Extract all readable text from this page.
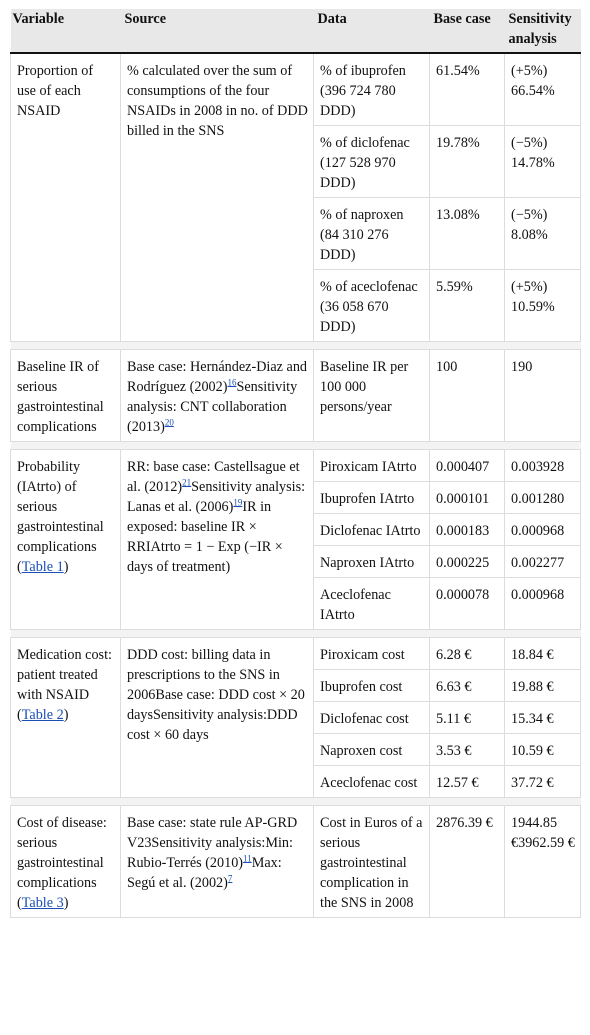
Variable	Source	Data	Base case	Sensitivity analysis
Proportion of use of each NSAID	% calculated over the sum of consumptions of the four NSAIDs in 2008 in no. of DDD billed in the SNS	% of ibuprofen (396 724 780 DDD)	61.54%	(+5%) 66.54%
		% of diclofenac (127 528 970 DDD)	19.78%	(−5%) 14.78%
		% of naproxen (84 310 276 DDD)	13.08%	(−5%) 8.08%
		% of aceclofenac (36 058 670 DDD)	5.59%	(+5%) 10.59%

Baseline IR of serious gastrointestinal complications	Base case: Hernández-Diaz and Rodríguez $(2002)^{16}Sensitivity$ analysis: CNT collaboration $(2013)^{20}$	Baseline IR per 100 000 persons/year	100	190

Probability (IAtrto) of serious gastrointestinal complications (Table 1)	RR: base case: Castellsague et al. $(2012)^{21}Sensitivity$ analysis: Lanas et al. $(2006)^{19}IR$ in exposed: baseline IR × RRIAtrto = 1 − Exp (−IR × days of treatment)	Piroxicam IAtrto	0.000407	0.003928
		Ibuprofen IAtrto	0.000101	0.001280
		Diclofenac IAtrto	0.000183	0.000968
		Naproxen IAtrto	0.000225	0.002277
		Aceclofenac IAtrto	0.000078	0.000968

Medication cost: patient treated with NSAID (Table 2)	DDD cost: billing data in prescriptions to the SNS in 2006Base case: DDD cost × 20 daysSensitivity analysis:DDD cost × 60 days	Piroxicam cost	6.28 €	18.84 €
		Ibuprofen cost	6.63 €	19.88 €
		Diclofenac cost	5.11 €	15.34 €
		Naproxen cost	3.53 €	10.59 €
		Aceclofenac cost	12.57 €	37.72 €

Cost of disease: serious gastrointestinal complications (Table 3)	Base case: state rule AP-GRD V23Sensitivity analysis:Min: Rubio-Terrés $(2010)^{11}Max$: Segú et al. $(2002)^7$	Cost in Euros of a serious gastrointestinal complication in the SNS in 2008	2876.39 €	1944.85 €3962.59 €
